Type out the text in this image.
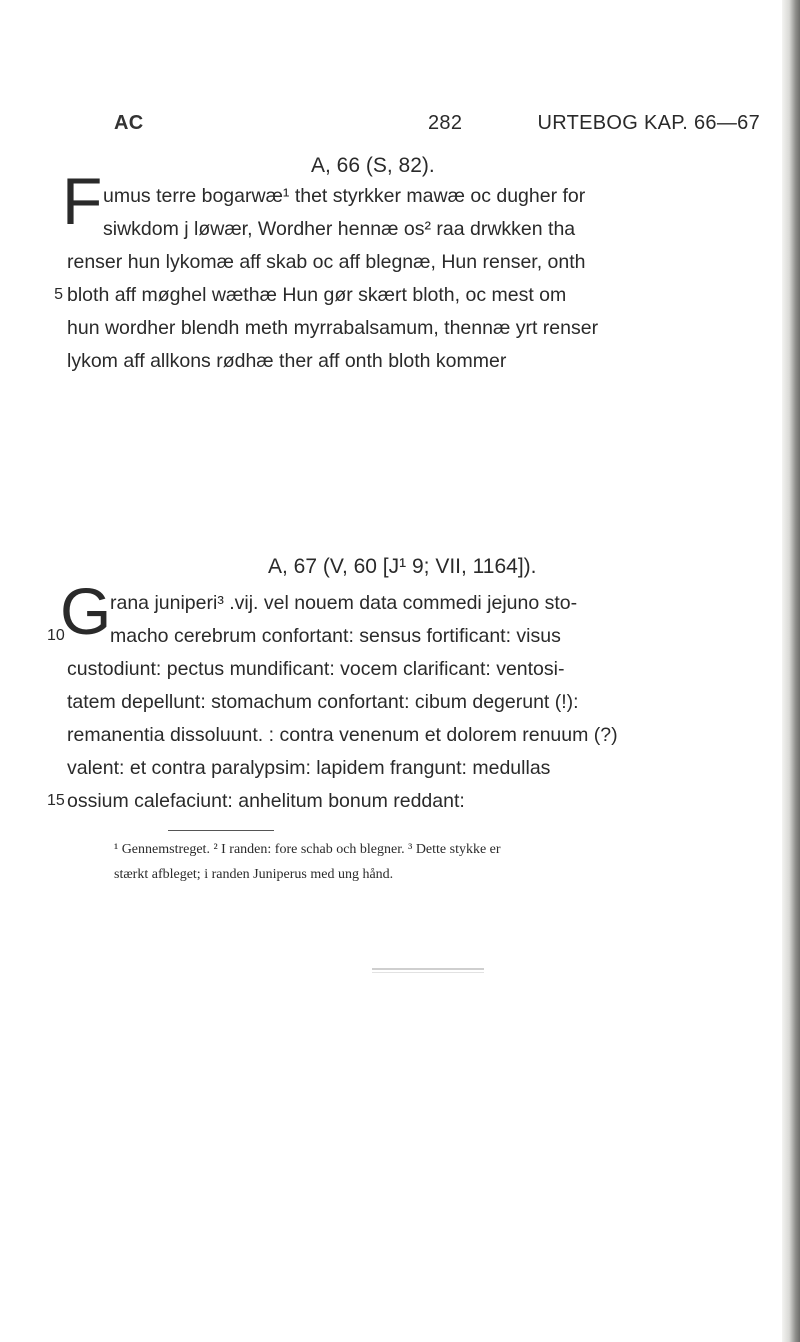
AC	282	URTEBOG KAP. 66—67
A, 66 (S, 82).
F umus terre bogarwæ¹ thet styrkker mawæ oc dugher for
siwkdom j løwær, Wordher hennæ os² raa drwkken tha
renser hun lykomæ aff skab oc aff blegnæ, Hun renser, onth
5 bloth aff møghel wæthæ Hun gør skært bloth, oc mest om
hun wordher blendh meth myrrabalsamum, thennæ yrt renser
lykom aff allkons rødhæ ther aff onth bloth kommer
A, 67 (V, 60 [J¹ 9; VII, 1164]).
G
rana juniperi³ .vij. vel nouem data commedi jejuno sto-
10 macho cerebrum confortant: sensus fortificant: visus
custodiunt: pectus mundificant: vocem clarificant: ventosi-
tatem depellunt: stomachum confortant: cibum degerunt (!):
remanentia dissoluunt. : contra venenum et dolorem renuum (?)
valent: et contra paralypsim: lapidem frangunt: medullas
15 ossium calefaciunt: anhelitum bonum reddant:
¹ Gennemstreget. ² I randen: fore schab och blegner. ³ Dette stykke er
stærkt afbleget; i randen Juniperus med ung hånd.
